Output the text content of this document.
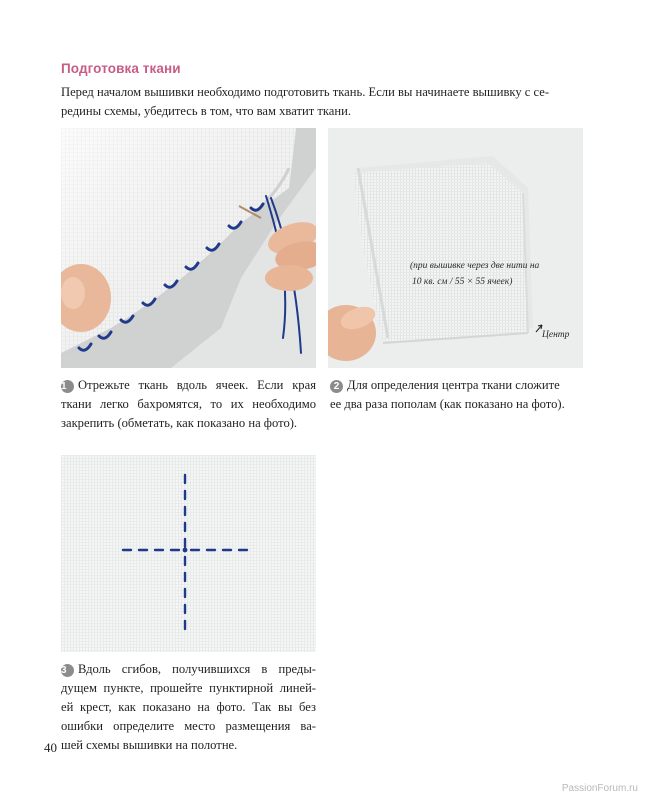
Подготовка ткани
Перед началом вышивки необходимо подготовить ткань. Если вы начинаете вышивку с се-
редины схемы, убедитесь в том, что вам хватит ткани.
(при вышивке через две нити на
10 кв. см / 55 × 55 ячеек)
Центр
1 Отрежьте ткань вдоль ячеек. Если края
ткани легко бахромятся, то их необходимо
закрепить (обметать, как показано на фото).
2 Для определения центра ткани сложите
ее два раза пополам (как показано на фото).
3 Вдоль сгибов, получившихся в преды-
дущем пункте, прошейте пунктирной линей-
ей крест, как показано на фото. Так вы без
ошибки определите место размещения ва-
шей схемы вышивки на полотне.
40
PassionForum.ru
